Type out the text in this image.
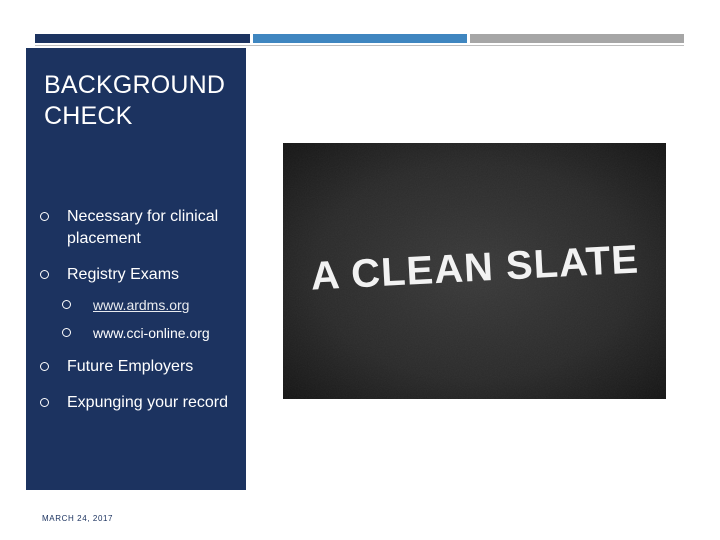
BACKGROUND CHECK
Necessary for clinical placement
Registry Exams
www.ardms.org
www.cci-online.org
Future Employers
Expunging your record
MARCH 24, 2017
A CLEAN SLATE
